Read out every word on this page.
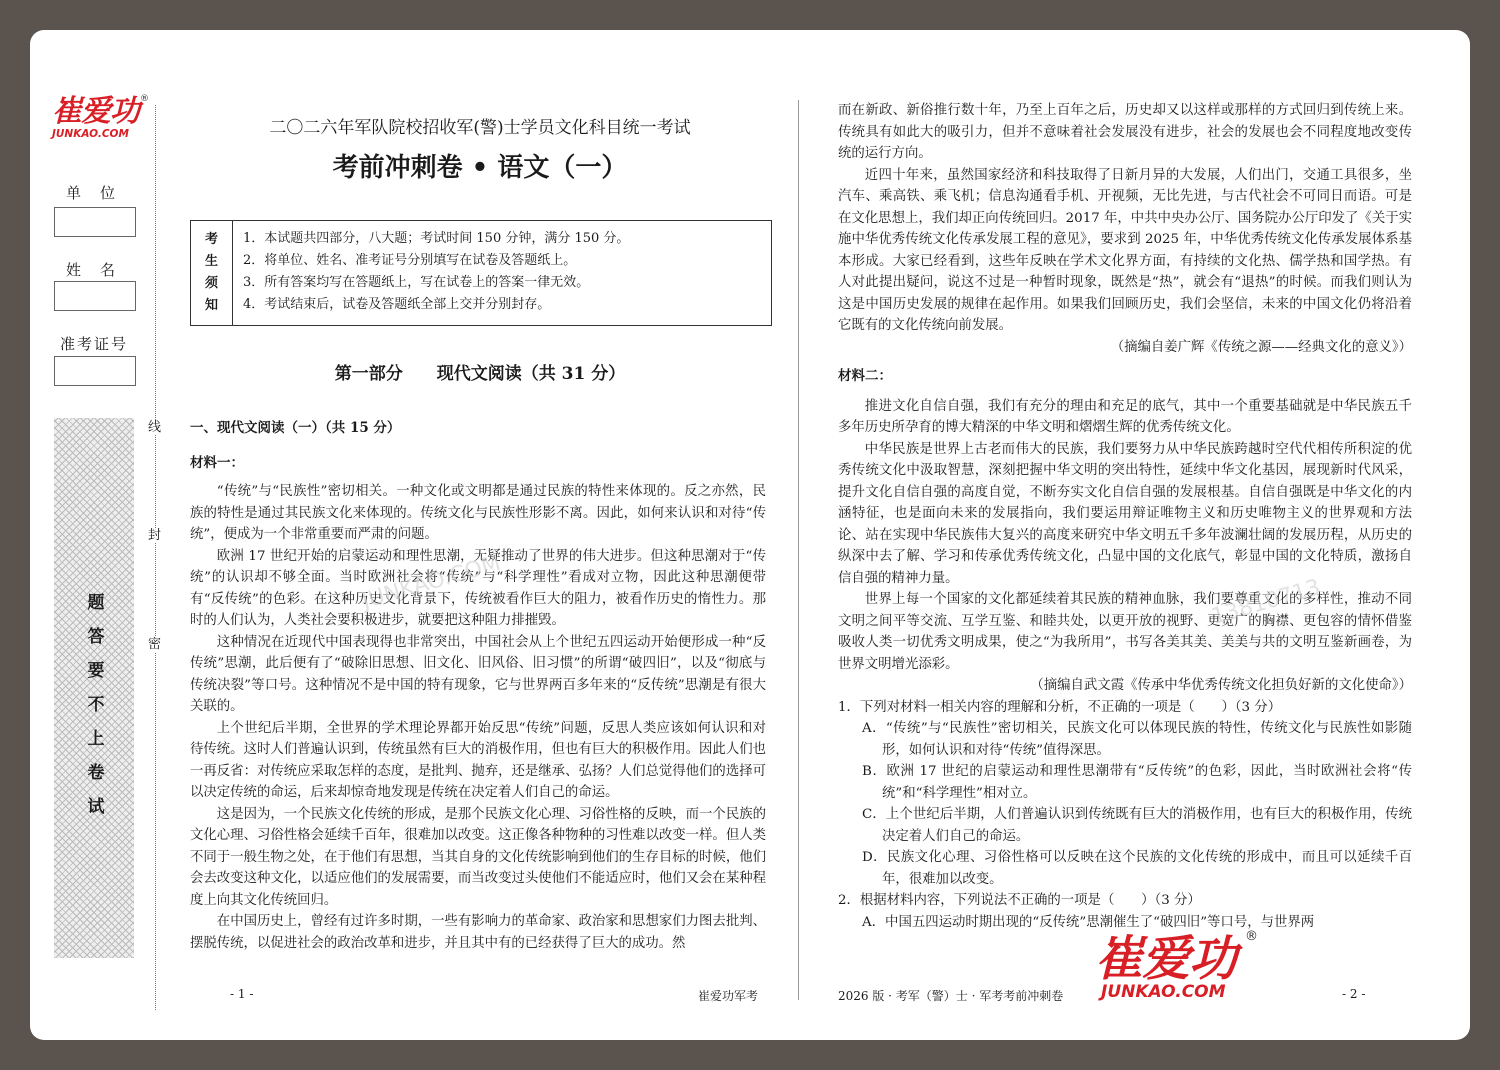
崔爱功
JUNKAO.COM
®
单　位
姓　名
准考证号
题
答
要
不
上
卷
试
线
封
密
二〇二六年军队院校招收军(警)士学员文化科目统一考试
考前冲刺卷 • 语文（一）
考
生
须
知
1．本试题共四部分，八大题；考试时间 150 分钟，满分 150 分。
2．将单位、姓名、准考证号分别填写在试卷及答题纸上。
3．所有答案均写在答题纸上，写在试卷上的答案一律无效。
4．考试结束后，试卷及答题纸全部上交并分别封存。
第一部分　　现代文阅读（共 31 分）
一、现代文阅读（一）（共 15 分）
材料一：

“传统”与“民族性”密切相关。一种文化或文明都是通过民族的特性来体现的。反之亦然，民族的特性是通过其民族文化来体现的。传统文化与民族性形影不离。因此，如何来认识和对待“传统”，便成为一个非常重要而严肃的问题。

欧洲 17 世纪开始的启蒙运动和理性思潮，无疑推动了世界的伟大进步。但这种思潮对于“传统”的认识却不够全面。当时欧洲社会将“传统”与“科学理性”看成对立物，因此这种思潮便带有“反传统”的色彩。在这种历史文化背景下，传统被看作巨大的阻力，被看作历史的惰性力。那时的人们认为，人类社会要积极进步，就要把这种阻力排摧毁。

这种情况在近现代中国表现得也非常突出，中国社会从上个世纪五四运动开始便形成一种“反传统”思潮，此后便有了“破除旧思想、旧文化、旧风俗、旧习惯”的所谓“破四旧”，以及“彻底与传统决裂”等口号。这种情况不是中国的特有现象，它与世界两百多年来的“反传统”思潮是有很大关联的。

上个世纪后半期，全世界的学术理论界都开始反思“传统”问题，反思人类应该如何认识和对待传统。这时人们普遍认识到，传统虽然有巨大的消极作用，但也有巨大的积极作用。因此人们也一再反省：对传统应采取怎样的态度，是批判、抛弃，还是继承、弘扬？人们总觉得他们的选择可以决定传统的命运，后来却惊奇地发现是传统在决定着人们自己的命运。

这是因为，一个民族文化传统的形成，是那个民族文化心理、习俗性格的反映，而一个民族的文化心理、习俗性格会延续千百年，很难加以改变。这正像各种物种的习性难以改变一样。但人类不同于一般生物之处，在于他们有思想，当其自身的文化传统影响到他们的生存目标的时候，他们会去改变这种文化，以适应他们的发展需要，而当改变过头使他们不能适应时，他们又会在某种程度上向其文化传统回归。

在中国历史上，曾经有过许多时期，一些有影响力的革命家、政治家和思想家们力图去批判、摆脱传统，以促进社会的政治改革和进步，并且其中有的已经获得了巨大的成功。然

而在新政、新俗推行数十年，乃至上百年之后，历史却又以这样或那样的方式回归到传统上来。传统具有如此大的吸引力，但并不意味着社会发展没有进步，社会的发展也会不同程度地改变传统的运行方向。

近四十年来，虽然国家经济和科技取得了日新月异的大发展，人们出门，交通工具很多，坐汽车、乘高铁、乘飞机；信息沟通看手机、开视频，无比先进，与古代社会不可同日而语。可是在文化思想上，我们却正向传统回归。2017 年，中共中央办公厅、国务院办公厅印发了《关于实施中华优秀传统文化传承发展工程的意见》，要求到 2025 年，中华优秀传统文化传承发展体系基本形成。大家已经看到，这些年反映在学术文化界方面，有持续的文化热、儒学热和国学热。有人对此提出疑问，说这不过是一种暂时现象，既然是“热”，就会有“退热”的时候。而我们则认为这是中国历史发展的规律在起作用。如果我们回顾历史，我们会坚信，未来的中国文化仍将沿着它既有的文化传统向前发展。

（摘编自姜广辉《传统之源——经典文化的意义》）
材料二：

推进文化自信自强，我们有充分的理由和充足的底气，其中一个重要基础就是中华民族五千多年历史所孕育的博大精深的中华文明和熠熠生辉的优秀传统文化。

中华民族是世界上古老而伟大的民族，我们要努力从中华民族跨越时空代代相传所积淀的优秀传统文化中汲取智慧，深刻把握中华文明的突出特性，延续中华文化基因，展现新时代风采，提升文化自信自强的高度自觉，不断夯实文化自信自强的发展根基。自信自强既是中华文化的内涵特征，也是面向未来的发展指向，我们要运用辩证唯物主义和历史唯物主义的世界观和方法论、站在实现中华民族伟大复兴的高度来研究中华文明五千多年波澜壮阔的发展历程，从历史的纵深中去了解、学习和传承优秀传统文化，凸显中国的文化底气，彰显中国的文化特质，激扬自信自强的精神力量。

世界上每一个国家的文化都延续着其民族的精神血脉，我们要尊重文化的多样性，推动不同文明之间平等交流、互学互鉴、和睦共处，以更开放的视野、更宽广的胸襟、更包容的情怀借鉴吸收人类一切优秀文明成果，使之“为我所用”，书写各美其美、美美与共的文明互鉴新画卷，为世界文明增光添彩。

（摘编自武文霞《传承中华优秀传统文化担负好新的文化使命》）

1．下列对材料一相关内容的理解和分析，不正确的一项是（　　）（3 分）

A．“传统”与“民族性”密切相关，民族文化可以体现民族的特性，传统文化与民族性如影随形，如何认识和对待“传统”值得深思。

B．欧洲 17 世纪的启蒙运动和理性思潮带有“反传统”的色彩，因此，当时欧洲社会将“传统”和“科学理性”相对立。

C．上个世纪后半期，人们普遍认识到传统既有巨大的消极作用，也有巨大的积极作用，传统决定着人们自己的命运。

D．民族文化心理、习俗性格可以反映在这个民族的文化传统的形成中，而且可以延续千百年，很难加以改变。

2．根据材料内容，下列说法不正确的一项是（　　）（3 分）

A．中国五四运动时期出现的“反传统”思潮催生了“破四旧”等口号，与世界两

JUNKAO.COM	13810713
崔爱功
JUNKAO.COM
®
- 1 -	崔爱功军考	2026 版 · 考军（警）士 · 军考考前冲刺卷	- 2 -
